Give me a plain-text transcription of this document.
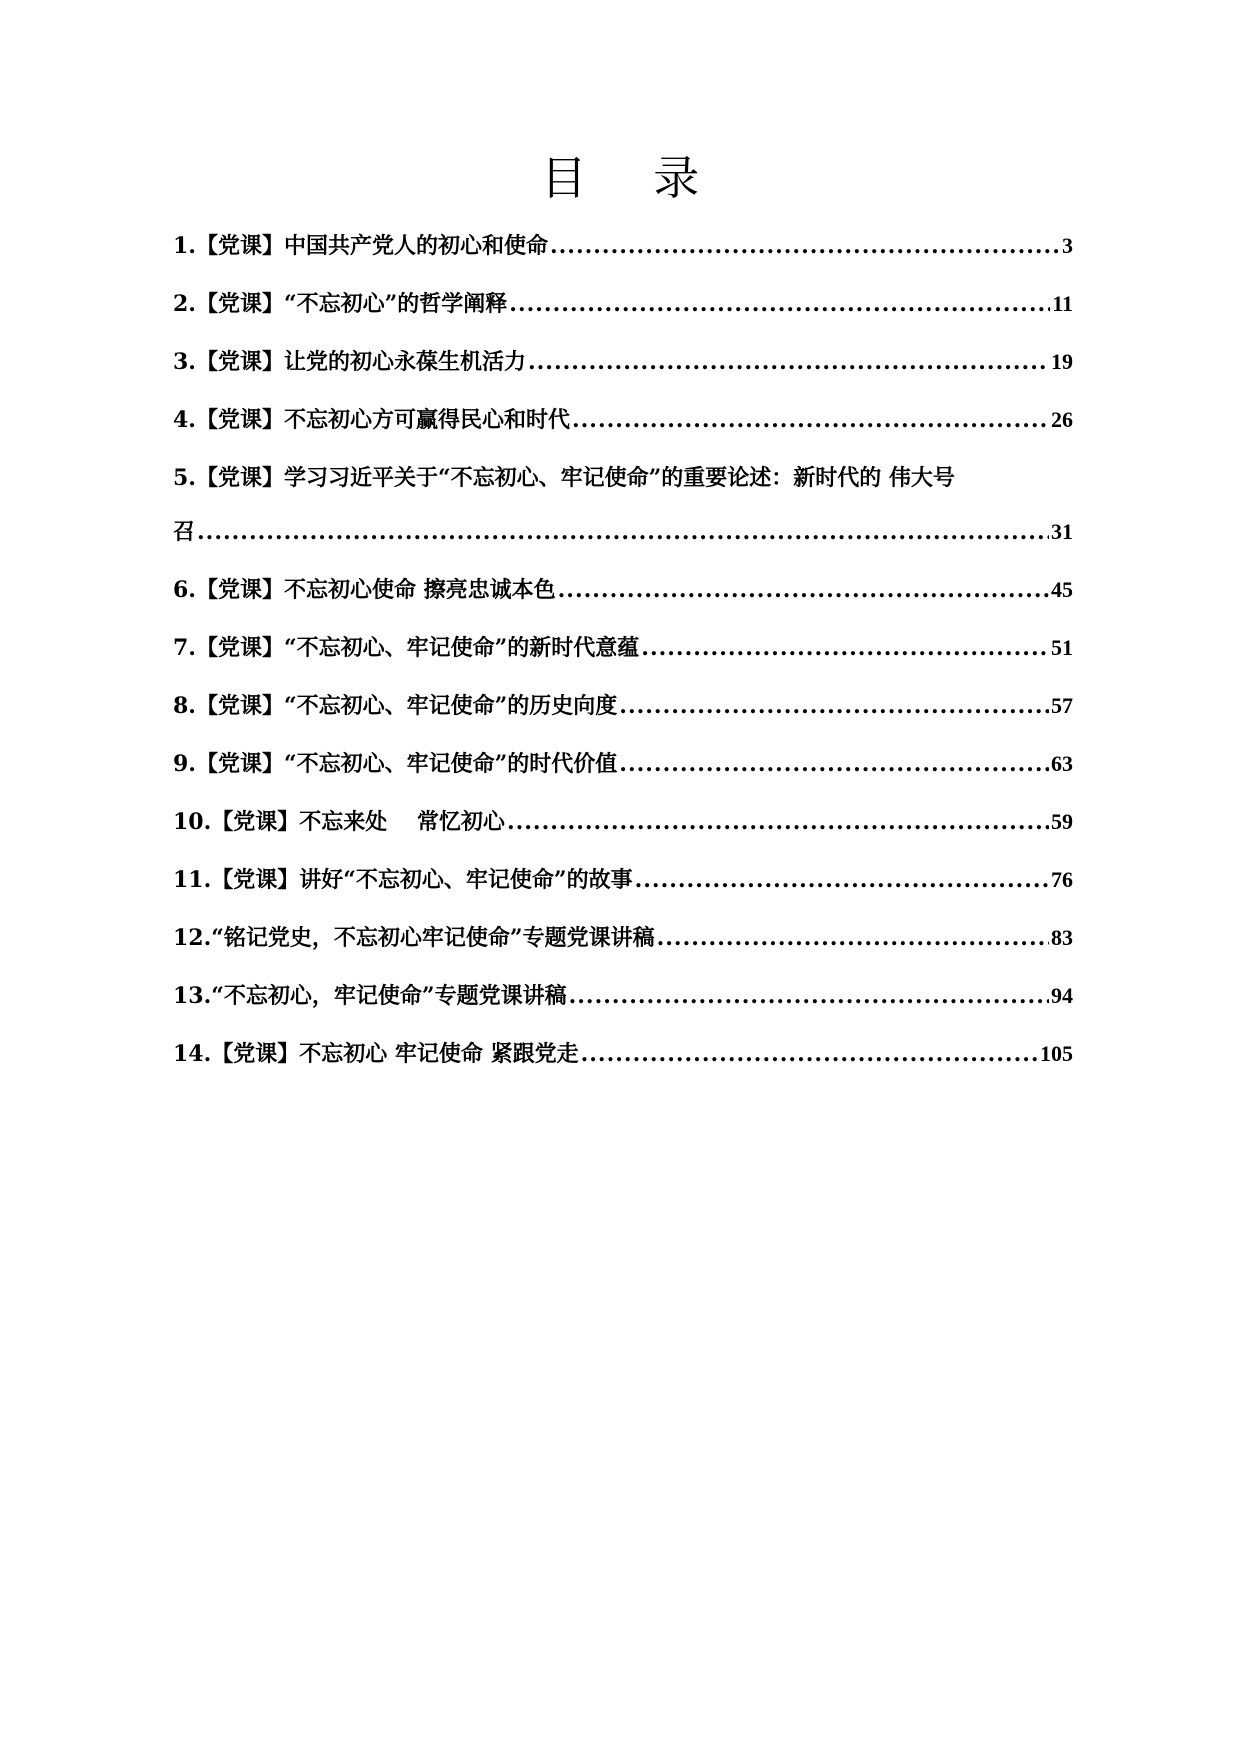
目 录
1.【党课】中国共产党人的初心和使命 .....	3
2.【党课】“不忘初心”的哲学阐释 .....	11
3.【党课】让党的初心永葆生机活力 .....	19
4.【党课】不忘初心方可赢得民心和时代 .....	26
5.【党课】学习习近平关于“不忘初心、牢记使命”的重要论述：新时代的 伟大号
召 .....	31
6.【党课】不忘初心使命 擦亮忠诚本色 .....	45
7.【党课】“不忘初心、牢记使命”的新时代意蕴 .....	51
8.【党课】“不忘初心、牢记使命”的历史向度 .....	57
9.【党课】“不忘初心、牢记使命”的时代价值 .....	63
10.【党课】不忘来处　 常忆初心 .....	59
11.【党课】讲好“不忘初心、牢记使命”的故事 .....	76
12.“铭记党史，不忘初心牢记使命”专题党课讲稿 .....	83
13.“不忘初心，牢记使命”专题党课讲稿 .....	94
14.【党课】不忘初心 牢记使命 紧跟党走 .....	105
